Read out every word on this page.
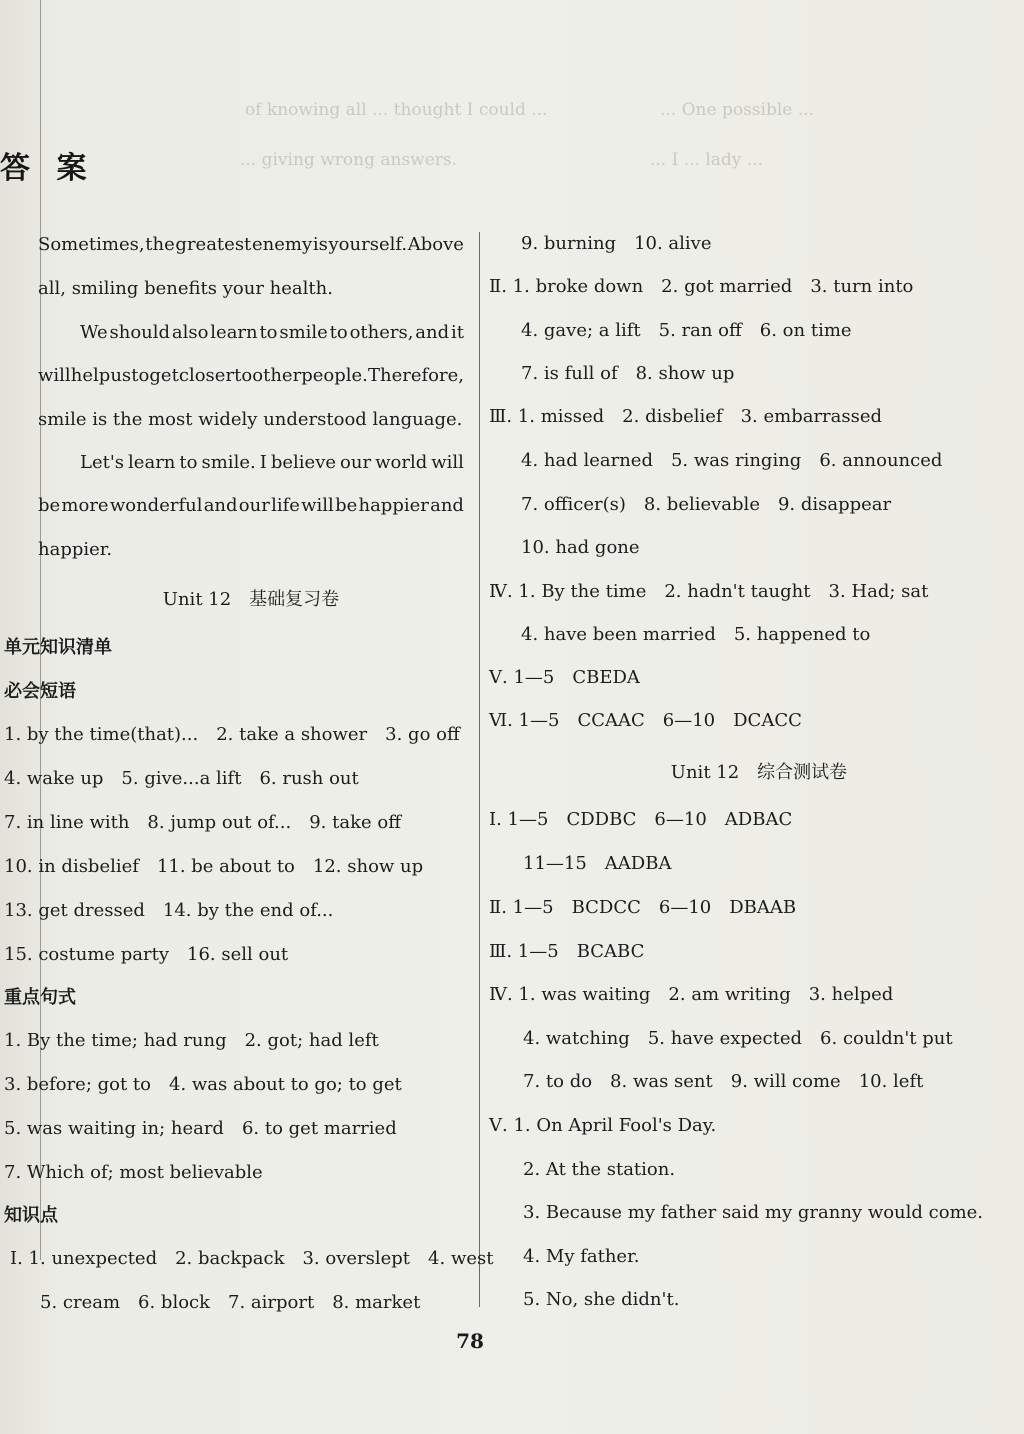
of knowing all ... thought I could ...
... giving wrong answers.
... One possible ...
... I ... lady ...
答 案
Sometimes, the greatest enemy is yourself. Above
all, smiling benefits your health.
We should also learn to smile to others, and it
will help us to get closer to other people. Therefore,
smile is the most widely understood language.
Let's learn to smile. I believe our world will
be more wonderful and our life will be happier and
happier.
Unit 12　基础复习卷
单元知识清单
必会短语
1. by the time(that)...　2. take a shower　3. go off
4. wake up　5. give...a lift　6. rush out
7. in line with　8. jump out of...　9. take off
10. in disbelief　11. be about to　12. show up
13. get dressed　14. by the end of...
15. costume party　16. sell out
重点句式
1. By the time; had rung　2. got; had left
3. before; got to　4. was about to go; to get
5. was waiting in; heard　6. to get married
7. Which of; most believable
知识点
Ⅰ. 1. unexpected　2. backpack　3. overslept　4. west
5. cream　6. block　7. airport　8. market
9. burning　10. alive
Ⅱ. 1. broke down　2. got married　3. turn into
4. gave; a lift　5. ran off　6. on time
7. is full of　8. show up
Ⅲ. 1. missed　2. disbelief　3. embarrassed
4. had learned　5. was ringing　6. announced
7. officer(s)　8. believable　9. disappear
10. had gone
Ⅳ. 1. By the time　2. hadn't taught　3. Had; sat
4. have been married　5. happened to
Ⅴ. 1—5　CBEDA
Ⅵ. 1—5　CCAAC　6—10　DCACC
Unit 12　综合测试卷
Ⅰ. 1—5　CDDBC　6—10　ADBAC
11—15　AADBA
Ⅱ. 1—5　BCDCC　6—10　DBAAB
Ⅲ. 1—5　BCABC
Ⅳ. 1. was waiting　2. am writing　3. helped
4. watching　5. have expected　6. couldn't put
7. to do　8. was sent　9. will come　10. left
Ⅴ. 1. On April Fool's Day.
2. At the station.
3. Because my father said my granny would come.
4. My father.
5. No, she didn't.
78
